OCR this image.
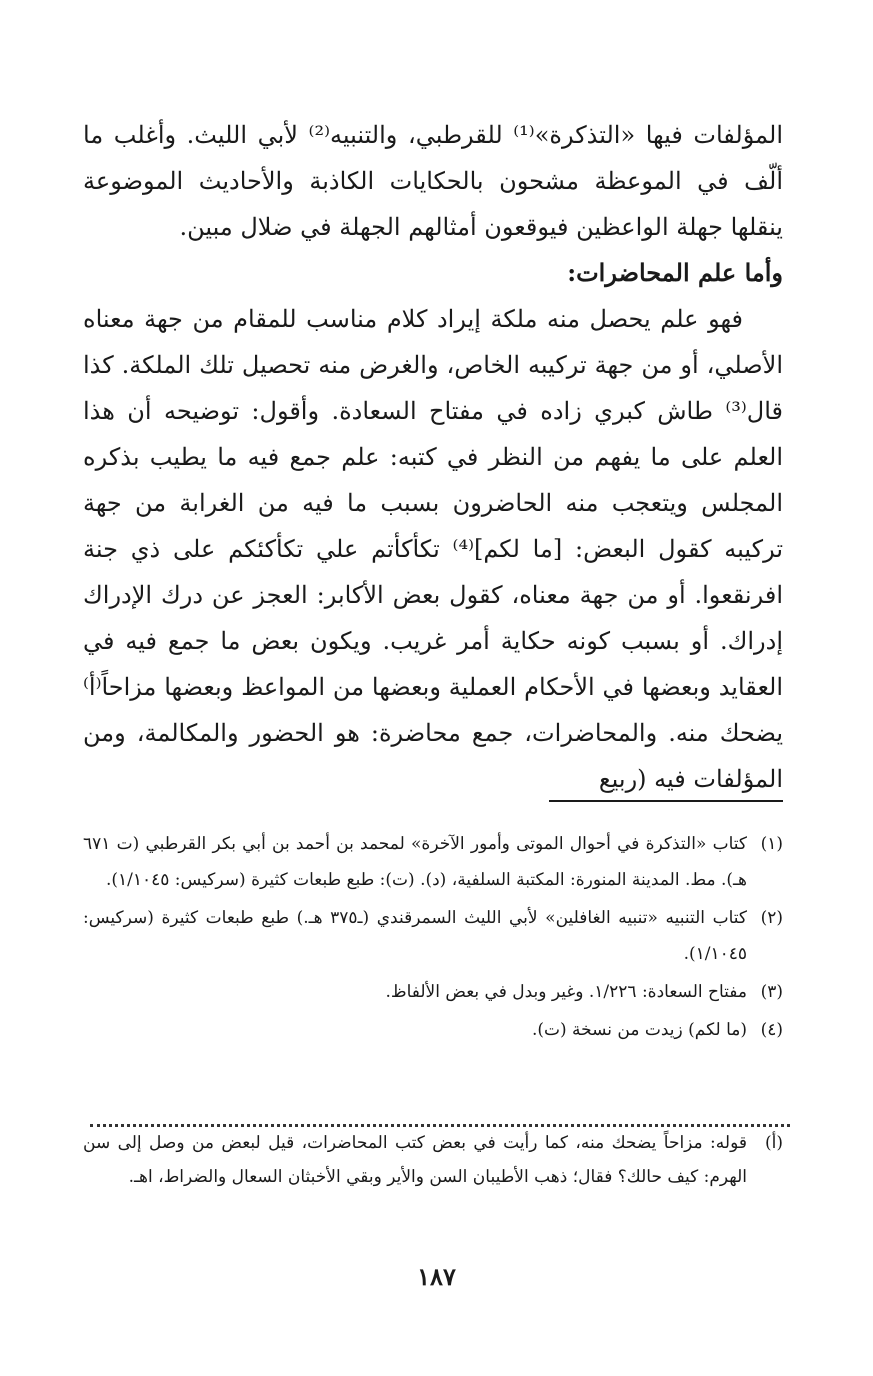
المؤلفات فيها «التذكرة»⁽¹⁾ للقرطبي، والتنبيه⁽²⁾ لأبي الليث. وأغلب ما ألّف في الموعظة مشحون بالحكايات الكاذبة والأحاديث الموضوعة ينقلها جهلة الواعظين فيوقعون أمثالهم الجهلة في ضلال مبين.

وأما علم المحاضرات:

فهو علم يحصل منه ملكة إيراد كلام مناسب للمقام من جهة معناه الأصلي، أو من جهة تركيبه الخاص، والغرض منه تحصيل تلك الملكة. كذا قال⁽³⁾ طاش كبري زاده في مفتاح السعادة. وأقول: توضيحه أن هذا العلم على ما يفهم من النظر في كتبه: علم جمع فيه ما يطيب بذكره المجلس ويتعجب منه الحاضرون بسبب ما فيه من الغرابة من جهة تركيبه كقول البعض: [ما لكم]⁽⁴⁾ تكأكأتم علي تكأكئكم على ذي جنة افرنقعوا. أو من جهة معناه، كقول بعض الأكابر: العجز عن درك الإدراك إدراك. أو بسبب كونه حكاية أمر غريب. ويكون بعض ما جمع فيه في العقايد وبعضها في الأحكام العملية وبعضها من المواعظ وبعضها مزاحاً⁽أ⁾ يضحك منه. والمحاضرات، جمع محاضرة: هو الحضور والمكالمة، ومن المؤلفات فيه (ربيع

(١)
كتاب «التذكرة في أحوال الموتى وأمور الآخرة» لمحمد بن أحمد بن أبي بكر القرطبي (ت ٦٧١ هـ). مط. المدينة المنورة: المكتبة السلفية، (د). (ت): طبع طبعات كثيرة (سركيس: ١/١٠٤٥).
(٢)
كتاب التنبيه «تنبيه الغافلين» لأبي الليث السمرقندي (ـ٣٧٥ هـ.) طبع طبعات كثيرة (سركيس: ١/١٠٤٥).
(٣)
مفتاح السعادة: ١/٢٢٦. وغير وبدل في بعض الألفاظ.
(٤)
(ما لكم) زيدت من نسخة (ت).
(أ)
قوله: مزاحاً يضحك منه، كما رأيت في بعض كتب المحاضرات، قيل لبعض من وصل إلى سن الهرم: كيف حالك؟ فقال؛ ذهب الأطيبان السن والأير وبقي الأخبثان السعال والضراط، اهـ.
١٨٧
